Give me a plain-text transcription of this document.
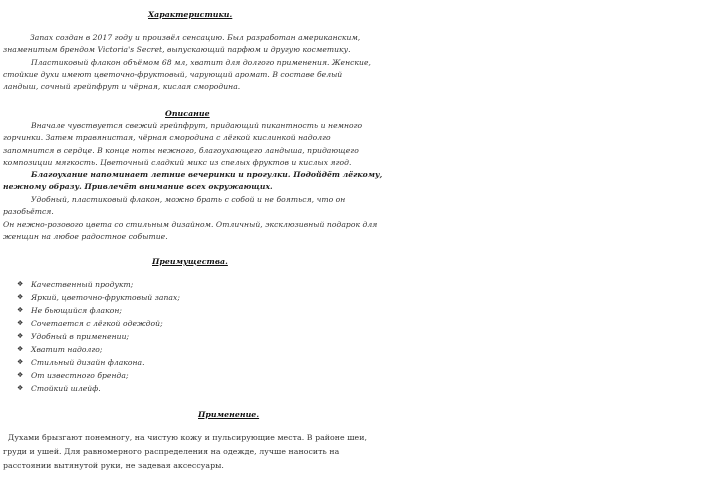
Характеристики.
Запах создан в 2017 году и произвёл сенсацию. Был разработан американским,
знаменитым брендом Victoria's Secret, выпускающий парфюм и другую косметику.
Пластиковый флакон объёмом 68 мл, хватит для долгого применения. Женские,
стойкие духи имеют цветочно-фруктовый, чарующий аромат. В составе белый
ландыш, сочный грейпфрут и чёрная, кислая смородина.
Описание
Вначале чувствуется свежий грейпфрут, придающий пикантность и немного
горчинки. Затем травянистая, чёрная смородина с лёгкой кислинкой надолго
запомнится в сердце. В конце ноты нежного, благоухающего ландыша, придающего
композиции мягкость. Цветочный сладкий микс из спелых фруктов и кислых ягод.
Благоухание напоминает летние вечеринки и прогулки. Подойдёт лёгкому,
нежному образу. Привлечёт внимание всех окружающих.
Удобный, пластиковый флакон, можно брать с собой и не бояться, что он
разобьётся.
Он нежно-розового цвета со стильным дизайном. Отличный, эксклюзивный подарок для
женщин на любое радостное событие.
Преимущества.
❖ Качественный продукт;
❖ Яркий, цветочно-фруктовый запах;
❖ Не бьющийся флакон;
❖ Сочетается с лёгкой одеждой;
❖ Удобный в применении;
❖ Хватит надолго;
❖ Стильный дизайн флакона.
❖ От известного бренда;
❖ Стойкий шлейф.
Применение.
Духами брызгают понемногу, на чистую кожу и пульсирующие места. В районе шеи,
груди и ушей. Для равномерного распределения на одежде, лучше наносить на
расстоянии вытянутой руки, не задевая аксессуары.
